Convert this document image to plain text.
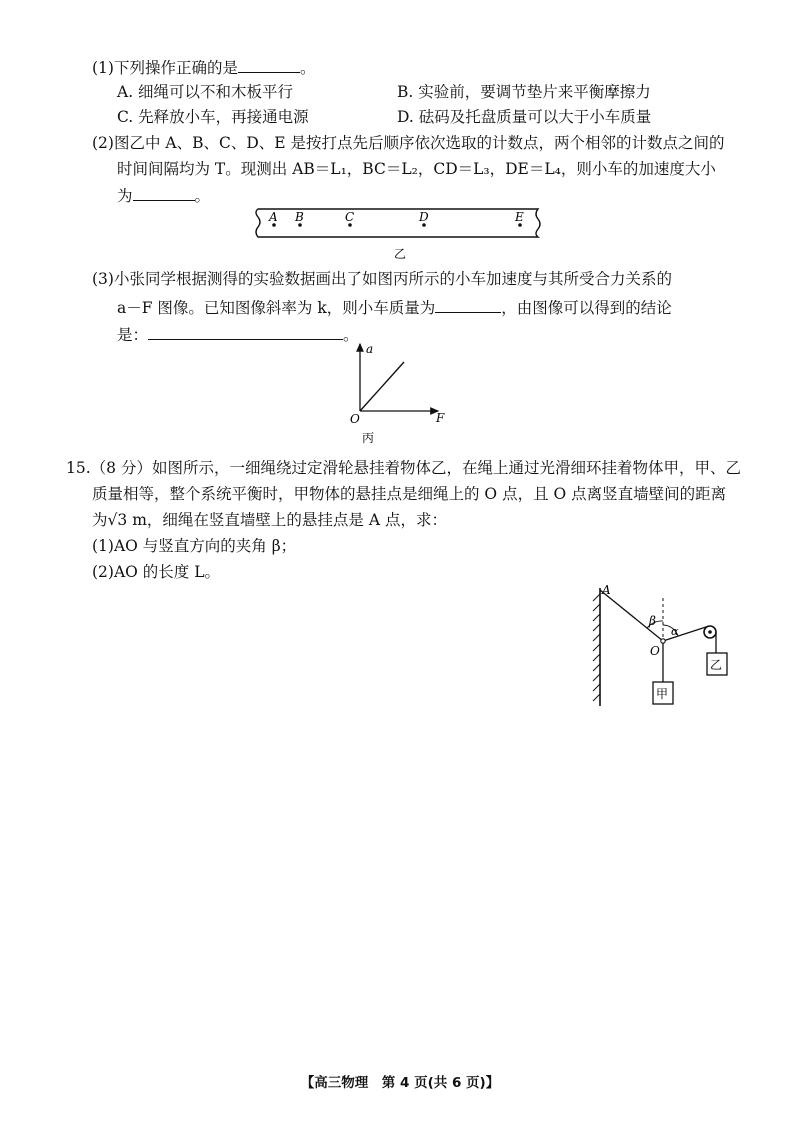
(1)下列操作正确的是	。
A. 细绳可以不和木板平行	B. 实验前，要调节垫片来平衡摩擦力
C. 先释放小车，再接通电源	D. 砝码及托盘质量可以大于小车质量
(2)图乙中 A、B、C、D、E 是按打点先后顺序依次选取的计数点，两个相邻的计数点之间的
时间间隔均为 T。现测出 AB＝L₁，BC＝L₂，CD＝L₃，DE＝L₄，则小车的加速度大小
为	。
A B	C	D	E
乙
(3)小张同学根据测得的实验数据画出了如图丙所示的小车加速度与其所受合力关系的
a－F 图像。已知图像斜率为 k，则小车质量为	，由图像可以得到的结论
是：	。
a
F
O
丙
15.（8 分）如图所示，一细绳绕过定滑轮悬挂着物体乙，在绳上通过光滑细环挂着物体甲，甲、乙
质量相等，整个系统平衡时，甲物体的悬挂点是细绳上的 O 点，且 O 点离竖直墙壁间的距离
为√3 m，细绳在竖直墙壁上的悬挂点是 A 点，求：
(1)AO 与竖直方向的夹角 β；
(2)AO 的长度 L。
A
O
β
α
甲
乙
【高三物理　第 4 页(共 6 页)】
